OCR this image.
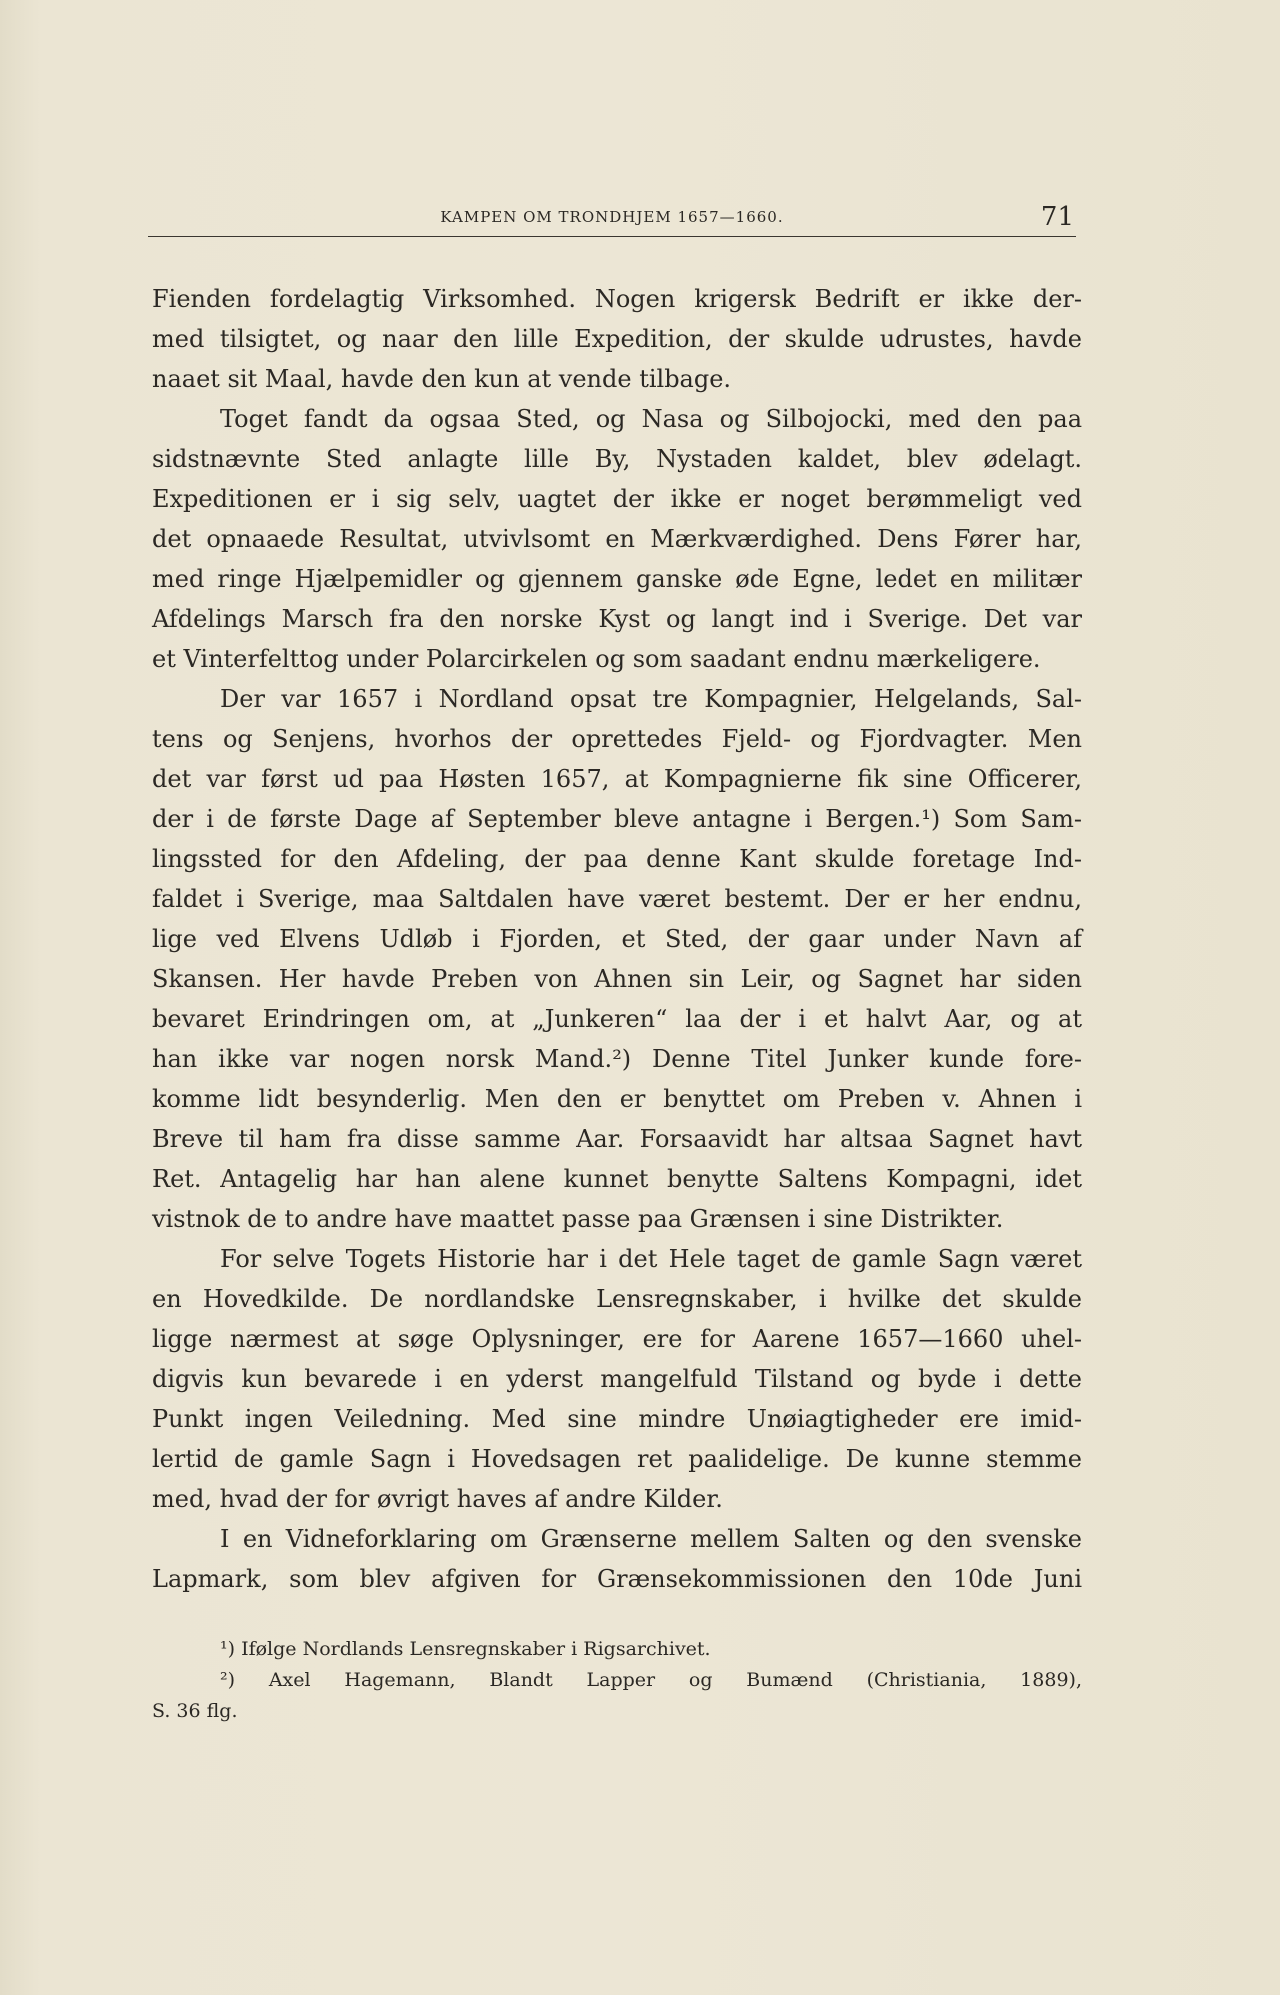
KAMPEN OM TRONDHJEM 1657—1660.	71
Fienden fordelagtig Virksomhed. Nogen krigersk Bedrift er ikke der-
med tilsigtet, og naar den lille Expedition, der skulde udrustes, havde
naaet sit Maal, havde den kun at vende tilbage.
Toget fandt da ogsaa Sted, og Nasa og Silbojocki, med den paa
sidstnævnte Sted anlagte lille By, Nystaden kaldet, blev ødelagt.
Expeditionen er i sig selv, uagtet der ikke er noget berømmeligt ved
det opnaaede Resultat, utvivlsomt en Mærkværdighed. Dens Fører har,
med ringe Hjælpemidler og gjennem ganske øde Egne, ledet en militær
Afdelings Marsch fra den norske Kyst og langt ind i Sverige. Det var
et Vinterfelttog under Polarcirkelen og som saadant endnu mærkeligere.
Der var 1657 i Nordland opsat tre Kompagnier, Helgelands, Sal-
tens og Senjens, hvorhos der oprettedes Fjeld- og Fjordvagter. Men
det var først ud paa Høsten 1657, at Kompagnierne fik sine Officerer,
der i de første Dage af September bleve antagne i Bergen.¹) Som Sam-
lingssted for den Afdeling, der paa denne Kant skulde foretage Ind-
faldet i Sverige, maa Saltdalen have været bestemt. Der er her endnu,
lige ved Elvens Udløb i Fjorden, et Sted, der gaar under Navn af
Skansen. Her havde Preben von Ahnen sin Leir, og Sagnet har siden
bevaret Erindringen om, at „Junkeren“ laa der i et halvt Aar, og at
han ikke var nogen norsk Mand.²) Denne Titel Junker kunde fore-
komme lidt besynderlig. Men den er benyttet om Preben v. Ahnen i
Breve til ham fra disse samme Aar. Forsaavidt har altsaa Sagnet havt
Ret. Antagelig har han alene kunnet benytte Saltens Kompagni, idet
vistnok de to andre have maattet passe paa Grænsen i sine Distrikter.
For selve Togets Historie har i det Hele taget de gamle Sagn været
en Hovedkilde. De nordlandske Lensregnskaber, i hvilke det skulde
ligge nærmest at søge Oplysninger, ere for Aarene 1657—1660 uhel-
digvis kun bevarede i en yderst mangelfuld Tilstand og byde i dette
Punkt ingen Veiledning. Med sine mindre Unøiagtigheder ere imid-
lertid de gamle Sagn i Hovedsagen ret paalidelige. De kunne stemme
med, hvad der for øvrigt haves af andre Kilder.
I en Vidneforklaring om Grænserne mellem Salten og den svenske
Lapmark, som blev afgiven for Grænsekommissionen den 10de Juni
¹) Ifølge Nordlands Lensregnskaber i Rigsarchivet.
²) Axel Hagemann, Blandt Lapper og Bumænd (Christiania, 1889),
S. 36 flg.
